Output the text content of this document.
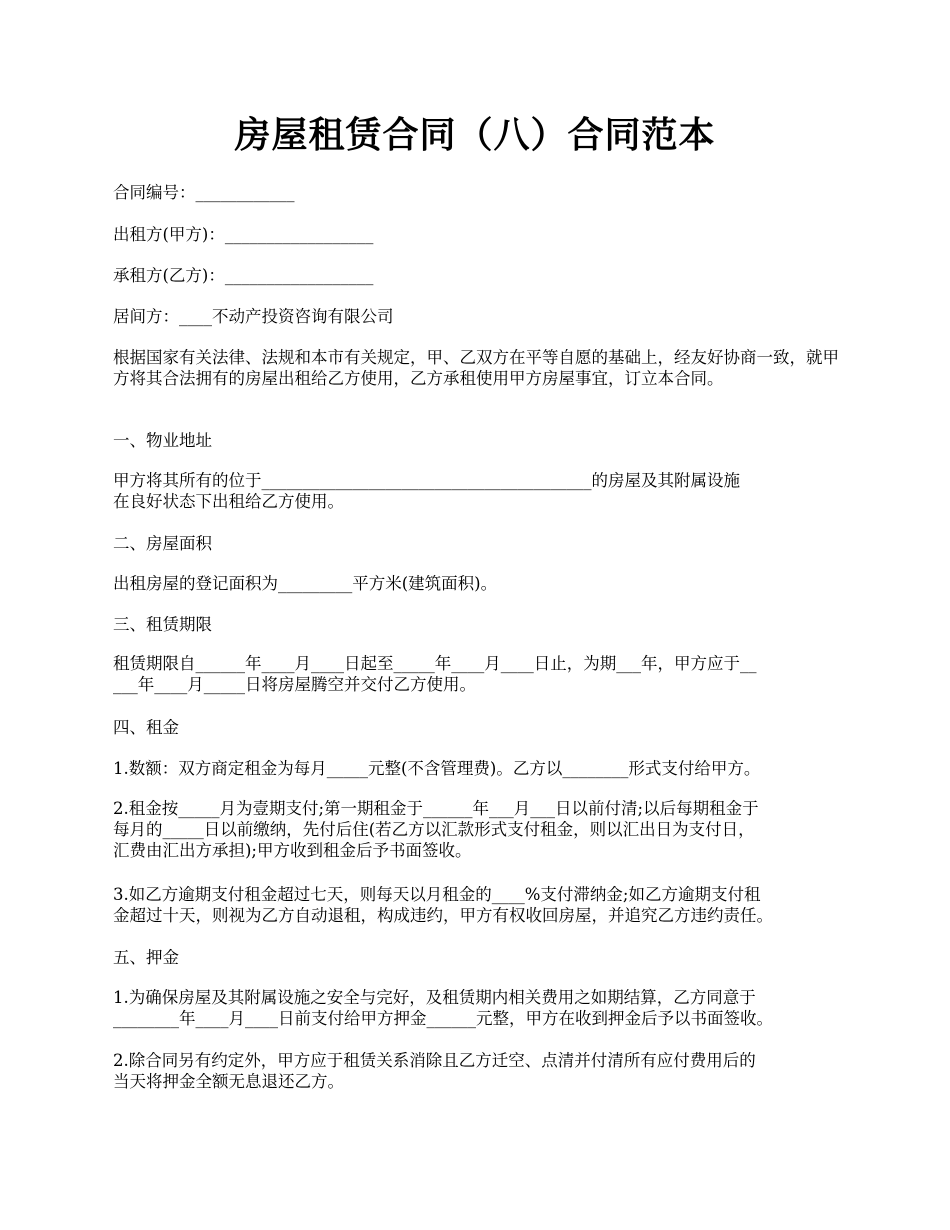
房屋租赁合同（八）合同范本
合同编号：____________
出租方(甲方)：__________________
承租方(乙方)：__________________
居间方：____不动产投资咨询有限公司
根据国家有关法律、法规和本市有关规定，甲、乙双方在平等自愿的基础上，经友好协商一致，就甲方将其合法拥有的房屋出租给乙方使用，乙方承租使用甲方房屋事宜，订立本合同。
一、物业地址
甲方将其所有的位于________________________________________的房屋及其附属设施
在良好状态下出租给乙方使用。
二、房屋面积
出租房屋的登记面积为_________平方米(建筑面积)。
三、租赁期限
租赁期限自______年____月____日起至_____年____月____日止，为期___年，甲方应于__
___年____月_____日将房屋腾空并交付乙方使用。
四、租金
1.数额：双方商定租金为每月_____元整(不含管理费)。乙方以________形式支付给甲方。
2.租金按_____月为壹期支付;第一期租金于______年___月___日以前付清;以后每期租金于
每月的_____日以前缴纳，先付后住(若乙方以汇款形式支付租金，则以汇出日为支付日，
汇费由汇出方承担);甲方收到租金后予书面签收。
3.如乙方逾期支付租金超过七天，则每天以月租金的____%支付滞纳金;如乙方逾期支付租
金超过十天，则视为乙方自动退租，构成违约，甲方有权收回房屋，并追究乙方违约责任。
五、押金
1.为确保房屋及其附属设施之安全与完好，及租赁期内相关费用之如期结算，乙方同意于
________年____月____日前支付给甲方押金______元整，甲方在收到押金后予以书面签收。
2.除合同另有约定外，甲方应于租赁关系消除且乙方迁空、点清并付清所有应付费用后的
当天将押金全额无息退还乙方。
